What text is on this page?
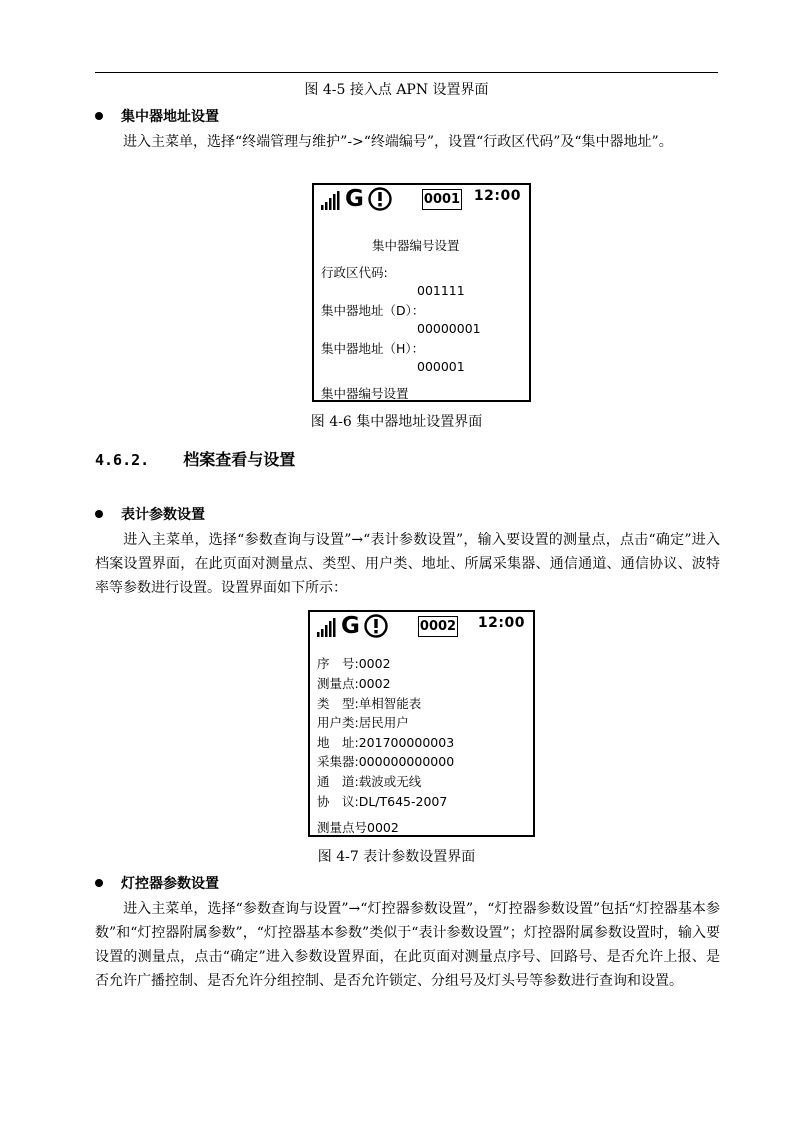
图 4-5 接入点 APN 设置界面
集中器地址设置
进入主菜单，选择“终端管理与维护”->“终端编号”，设置“行政区代码”及“集中器地址”。
G	0001 12:00
集中器编号设置
行政区代码:
001111
集中器地址（D）：
00000001
集中器地址（H）：
000001
集中器编号设置
图 4-6 集中器地址设置界面
4.6.2. 档案查看与设置
表计参数设置
进入主菜单，选择“参数查询与设置”→“表计参数设置”，输入要设置的测量点，点击“确定”进入档案设置界面，在此页面对测量点、类型、用户类、地址、所属采集器、通信通道、通信协议、波特率等参数进行设置。设置界面如下所示：
G	0002 12:00
序　号:0002
测量点:0002
类　型:单相智能表
用户类:居民用户
地　址:201700000003
采集器:000000000000
通　道:载波或无线
协　议:DL/T645-2007
测量点号0002
图 4-7 表计参数设置界面
灯控器参数设置
进入主菜单，选择“参数查询与设置”→“灯控器参数设置”，“灯控器参数设置”包括“灯控器基本参数”和“灯控器附属参数”，“灯控器基本参数”类似于“表计参数设置”；灯控器附属参数设置时，输入要设置的测量点，点击“确定”进入参数设置界面，在此页面对测量点序号、回路号、是否允许上报、是否允许广播控制、是否允许分组控制、是否允许锁定、分组号及灯头号等参数进行查询和设置。
